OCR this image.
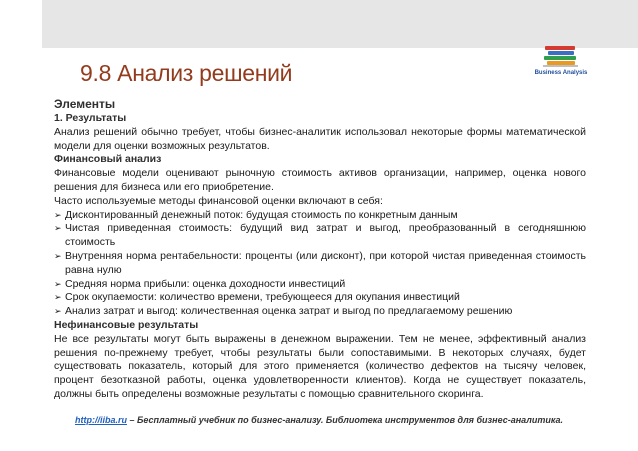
Business Analysis
9.8 Анализ решений

Элементы

1. Результаты

Анализ решений обычно требует, чтобы бизнес-аналитик использовал некоторые формы математической модели для оценки возможных результатов.

Финансовый анализ

Финансовые модели оценивают рыночную стоимость активов организации, например, оценка нового решения для бизнеса или его приобретение.

Часто используемые методы финансовой оценки включают в себя:

➢ Дисконтированный денежный поток: будущая стоимость по конкретным данным
➢ Чистая приведенная стоимость: будущий вид затрат и выгод, преобразованный в сегодняшнюю стоимость
➢ Внутренняя норма рентабельности: проценты (или дисконт), при которой чистая приведенная стоимость равна нулю
➢ Средняя норма прибыли: оценка доходности инвестиций
➢ Срок окупаемости: количество времени, требующееся для окупания инвестиций
➢ Анализ затрат и выгод: количественная оценка затрат и выгод по предлагаемому решению

Нефинансовые результаты

Не все результаты могут быть выражены в денежном выражении. Тем не менее, эффективный анализ решения по-прежнему требует, чтобы результаты были сопоставимыми. В некоторых случаях, будет существовать показатель, который для этого применяется (количество дефектов на тысячу человек, процент безотказной работы, оценка удовлетворенности клиентов). Когда не существует показатель, должны быть определены возможные результаты с помощью сравнительного скоринга.

http://iiba.ru – Бесплатный учебник по бизнес-анализу. Библиотека инструментов для бизнес-аналитика.
